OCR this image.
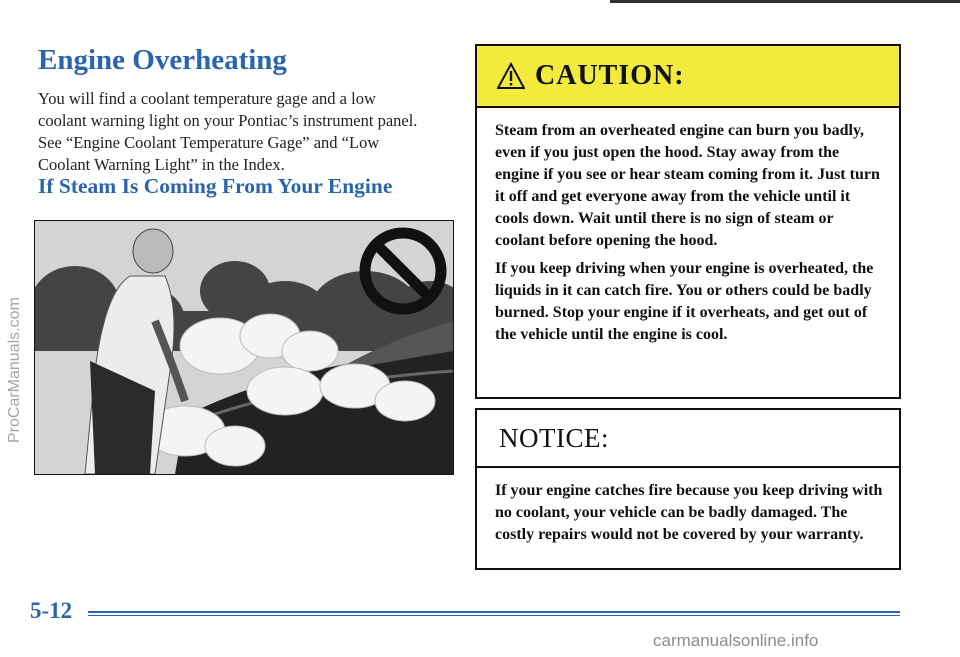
Engine Overheating

You will find a coolant temperature gage and a low coolant warning light on your Pontiac’s instrument panel. See “Engine Coolant Temperature Gage” and “Low Coolant Warning Light” in the Index.

If Steam Is Coming From Your Engine
CAUTION:

Steam from an overheated engine can burn you badly, even if you just open the hood. Stay away from the engine if you see or hear steam coming from it. Just turn it off and get everyone away from the vehicle until it cools down. Wait until there is no sign of steam or coolant before opening the hood.

If you keep driving when your engine is overheated, the liquids in it can catch fire. You or others could be badly burned. Stop your engine if it overheats, and get out of the vehicle until the engine is cool.

NOTICE:

If your engine catches fire because you keep driving with no coolant, your vehicle can be badly damaged. The costly repairs would not be covered by your warranty.

5-12
ProCarManuals.com
carmanualsonline.info
